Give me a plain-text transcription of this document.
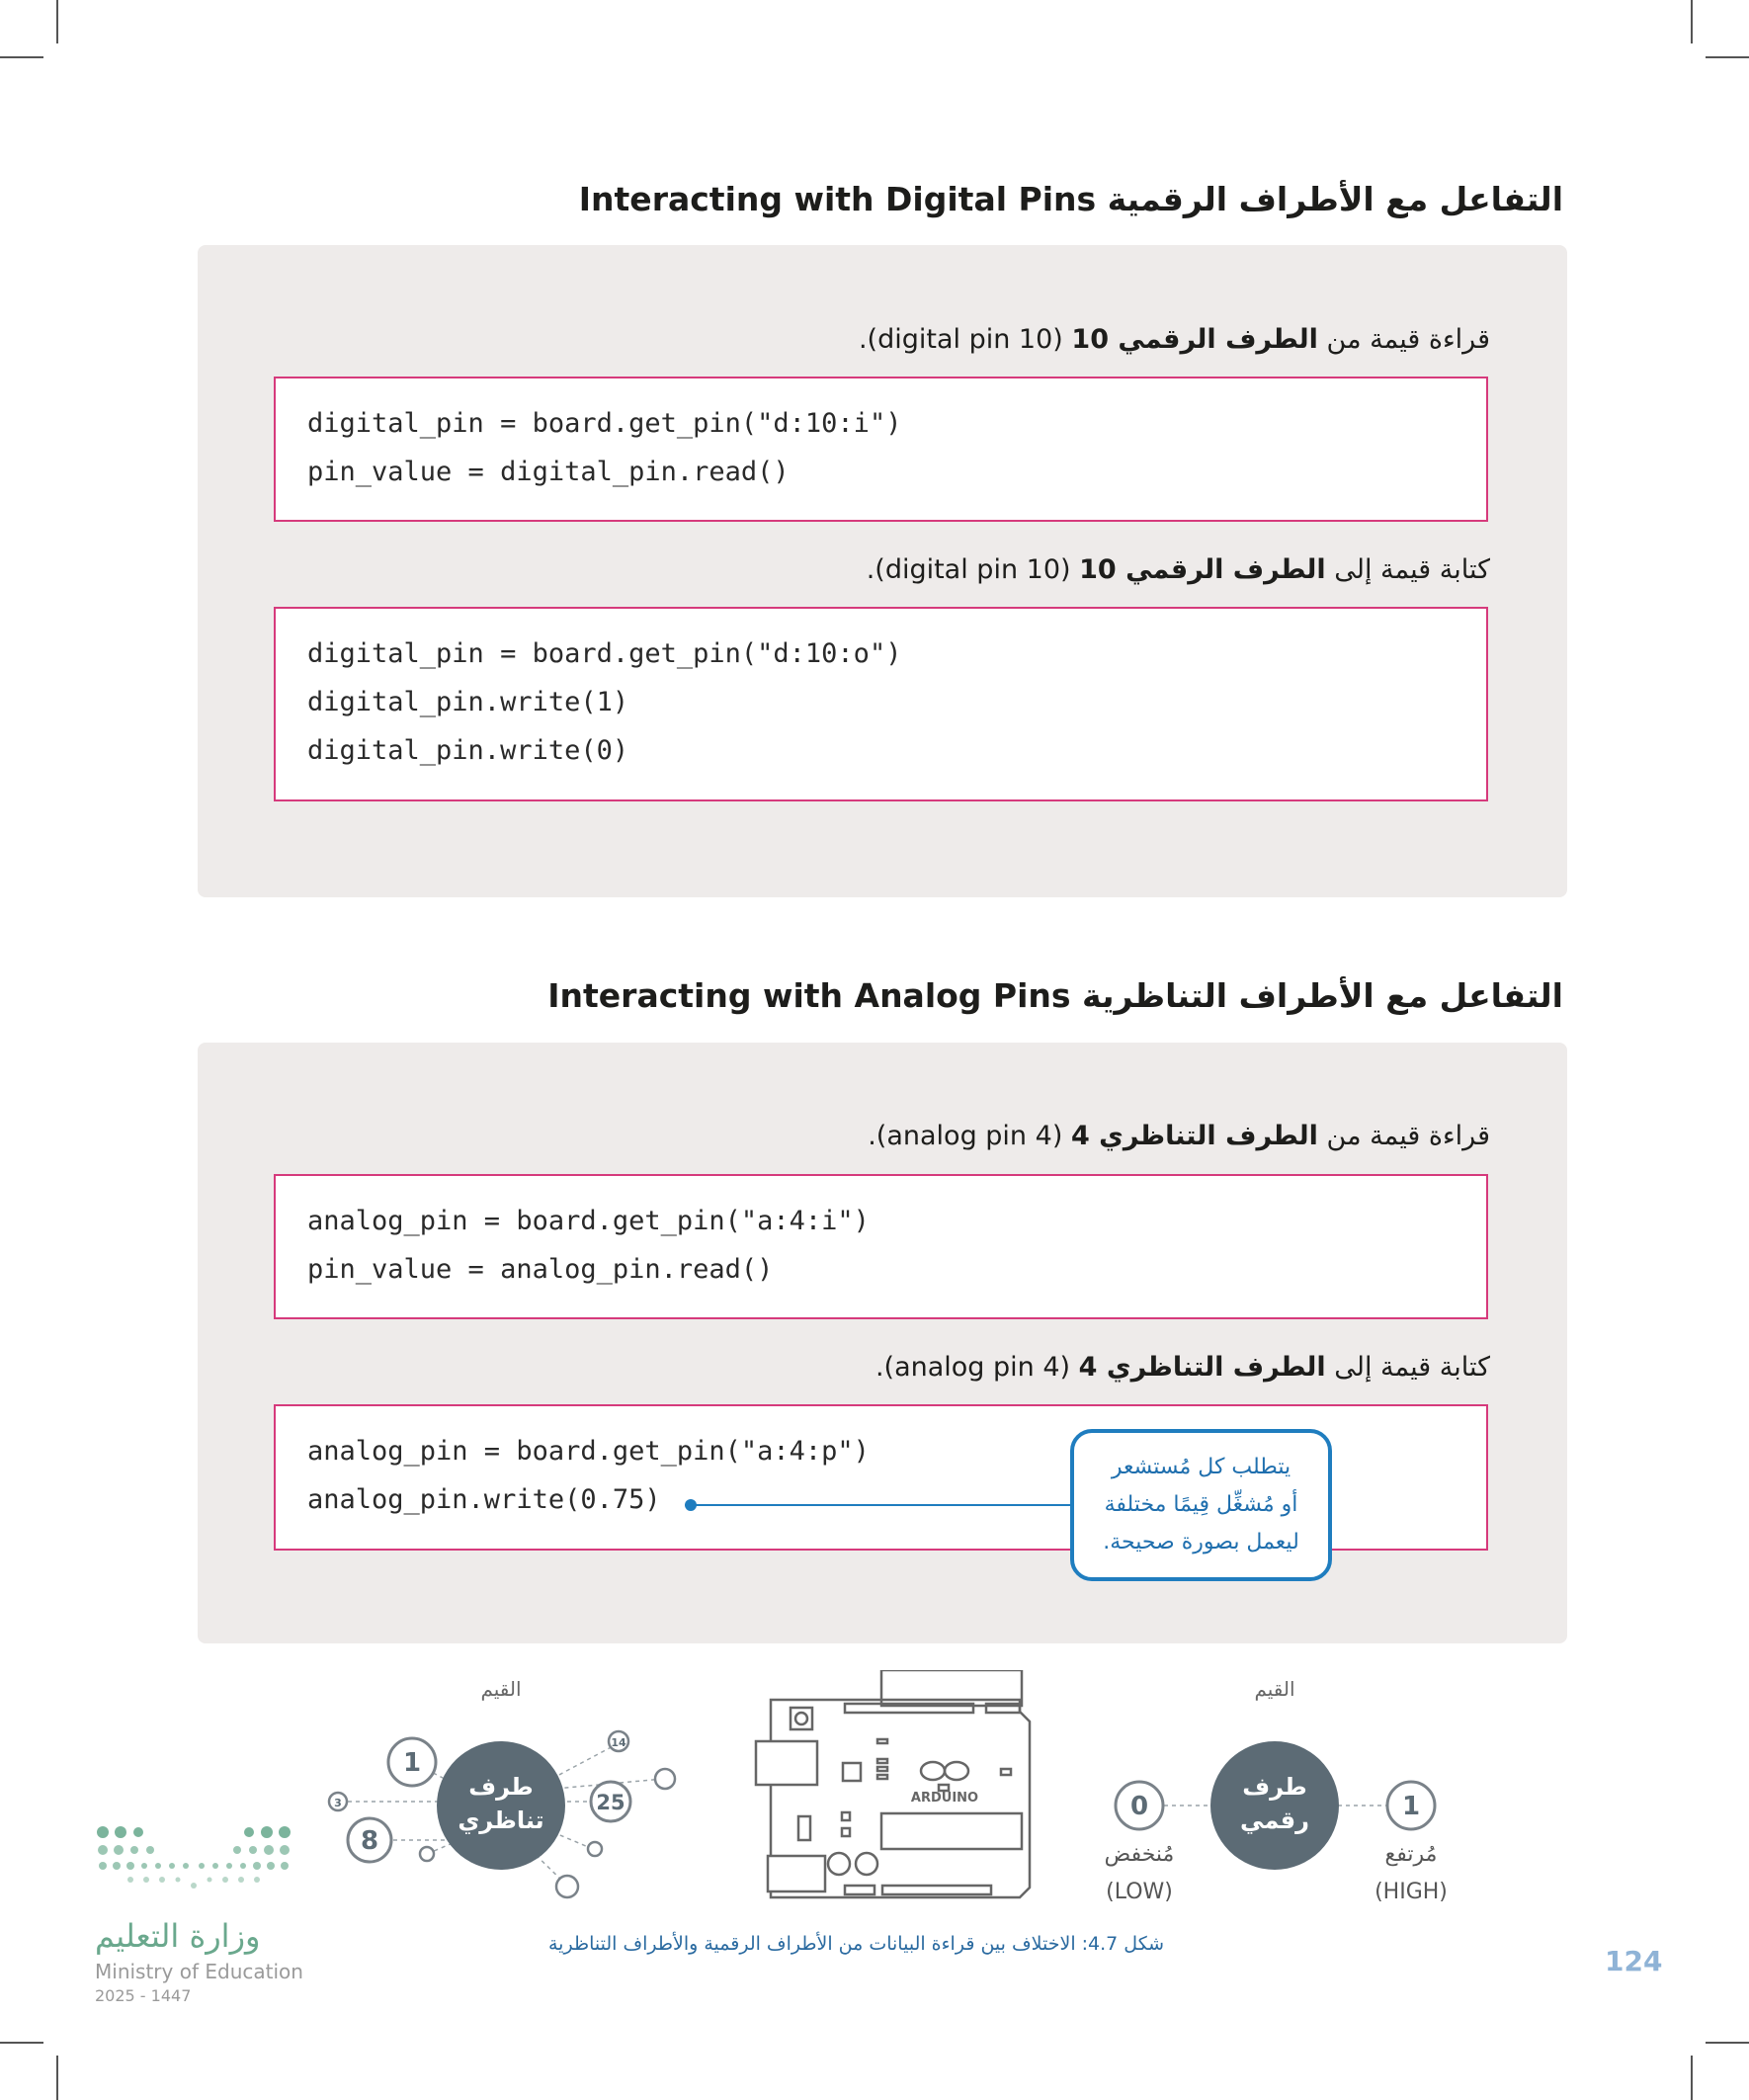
التفاعل مع الأطراف الرقمية Interacting with Digital Pins
قراءة قيمة من الطرف الرقمي 10 (digital pin 10).
digital_pin = board.get_pin("d:10:i")
pin_value = digital_pin.read()
كتابة قيمة إلى الطرف الرقمي 10 (digital pin 10).
digital_pin = board.get_pin("d:10:o")
digital_pin.write(1)
digital_pin.write(0)
التفاعل مع الأطراف التناظرية Interacting with Analog Pins
قراءة قيمة من الطرف التناظري 4 (analog pin 4).
analog_pin = board.get_pin("a:4:i")
pin_value = analog_pin.read()
كتابة قيمة إلى الطرف التناظري 4 (analog pin 4).
analog_pin = board.get_pin("a:4:p")
analog_pin.write(0.75)
يتطلب كل مُستشعر
أو مُشغِّل قِيمًا مختلفة
ليعمل بصورة صحيحة.
طرف
تناظري
القيم
1
8
25
14
3	ARDUINO	طرف
رقمي
القيم
0	1
مُنخفض
(LOW)
مُرتفع
(HIGH)
شكل 4.7: الاختلاف بين قراءة البيانات من الأطراف الرقمية والأطراف التناظرية
وزارة التعليم
Ministry of Education
2025 - 1447
124
